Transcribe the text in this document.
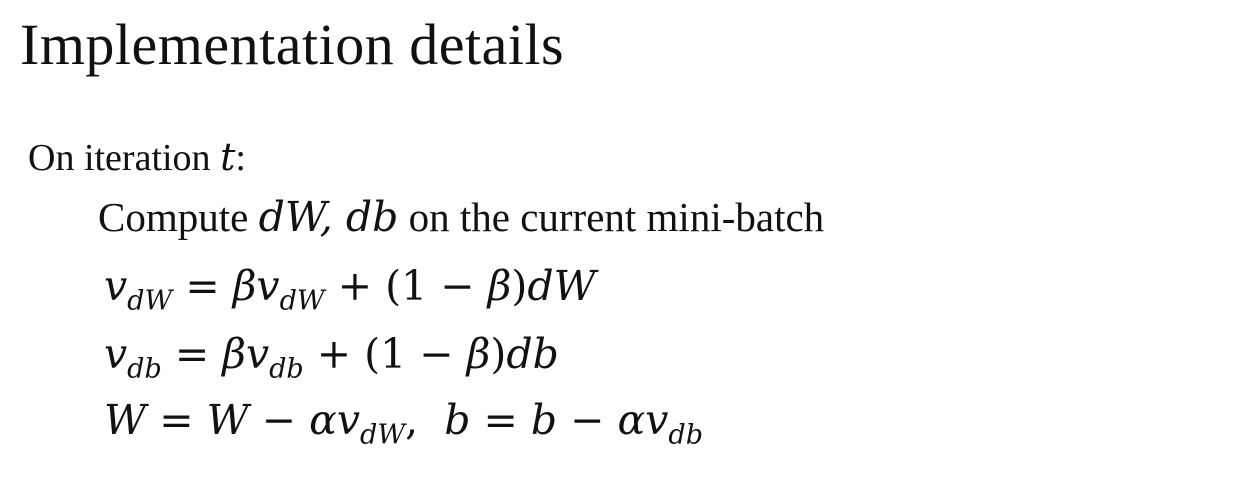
Implementation details
On iteration t:
Compute dW, db on the current mini-batch
$v_{dW} = \beta v_{dW} + (1 - \beta)dW$
$v_{db} = \beta v_{db} + (1 - \beta)db$
$W = W - \alpha v_{dW}$, $b = b - \alpha v_{db}$
